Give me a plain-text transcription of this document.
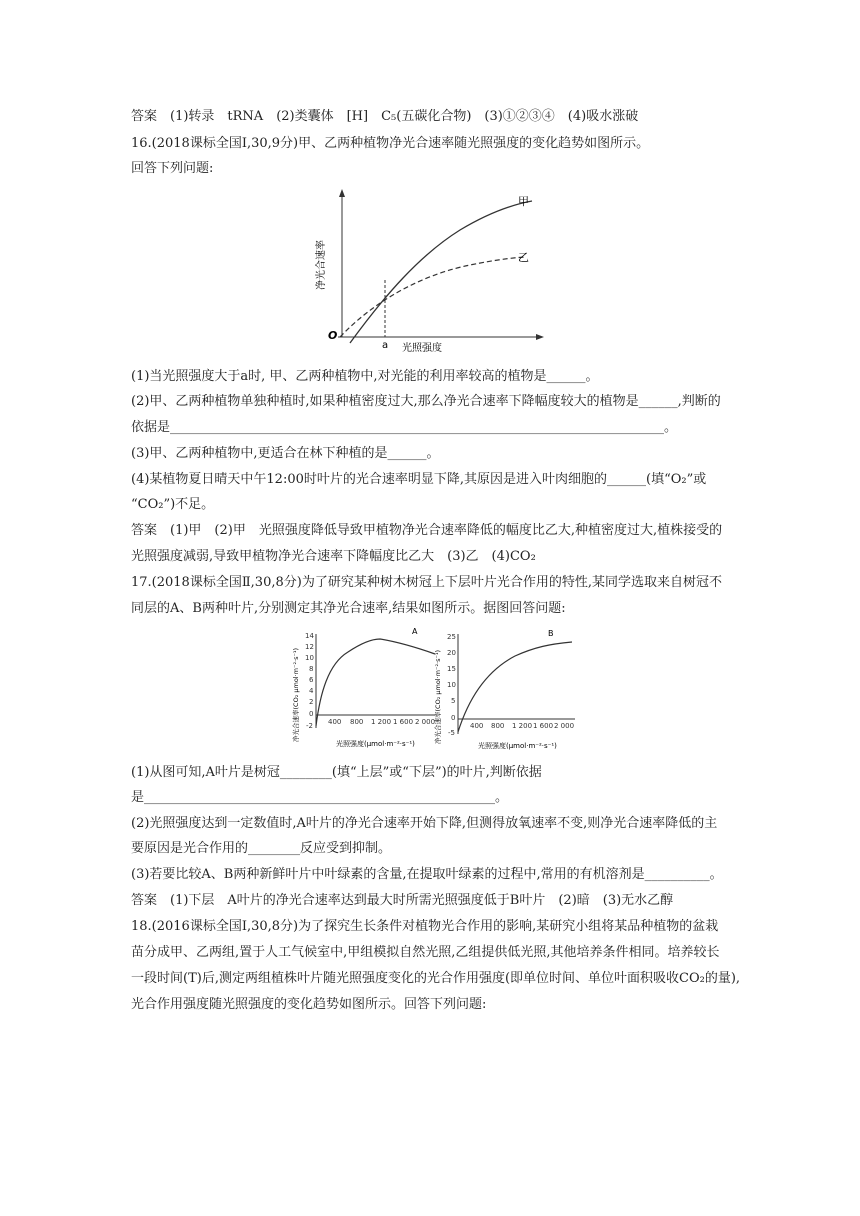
答案　(1)转录　tRNA　(2)类囊体　[H]　C₅(五碳化合物)　(3)①②③④　(4)吸水涨破
16.(2018课标全国Ⅰ,30,9分)甲、乙两种植物净光合速率随光照强度的变化趋势如图所示。
回答下列问题:
(1)当光照强度大于a时, 甲、乙两种植物中,对光能的利用率较高的植物是______。
(2)甲、乙两种植物单独种植时,如果种植密度过大,那么净光合速率下降幅度较大的植物是______,判断的
依据是____________________________________________________________________________。
(3)甲、乙两种植物中,更适合在林下种植的是______。
(4)某植物夏日晴天中午12:00时叶片的光合速率明显下降,其原因是进入叶肉细胞的______(填“O₂”或
“CO₂”)不足。
答案　(1)甲　(2)甲　光照强度降低导致甲植物净光合速率降低的幅度比乙大,种植密度过大,植株接受的
光照强度减弱,导致甲植物净光合速率下降幅度比乙大　(3)乙　(4)CO₂
17.(2018课标全国Ⅱ,30,8分)为了研究某种树木树冠上下层叶片光合作用的特性,某同学选取来自树冠不
同层的A、B两种叶片,分别测定其净光合速率,结果如图所示。据图回答问题:
(1)从图可知,A叶片是树冠________(填“上层”或“下层”)的叶片,判断依据
是______________________________________________________。
(2)光照强度达到一定数值时,A叶片的净光合速率开始下降,但测得放氧速率不变,则净光合速率降低的主
要原因是光合作用的________反应受到抑制。
(3)若要比较A、B两种新鲜叶片中叶绿素的含量,在提取叶绿素的过程中,常用的有机溶剂是__________。
答案　(1)下层　A叶片的净光合速率达到最大时所需光照强度低于B叶片　(2)暗　(3)无水乙醇
18.(2016课标全国Ⅰ,30,8分)为了探究生长条件对植物光合作用的影响,某研究小组将某品种植物的盆栽
苗分成甲、乙两组,置于人工气候室中,甲组模拟自然光照,乙组提供低光照,其他培养条件相同。培养较长
一段时间(T)后,测定两组植株叶片随光照强度变化的光合作用强度(即单位时间、单位叶面积吸收CO₂的量),
光合作用强度随光照强度的变化趋势如图所示。回答下列问题:
甲
乙
O
a 光照强度
净光合速率
14
12
10
8
6
4
2
0
-2 400 800 1 200 1 600 2 000
A
净光合速率(CO₂ μmol·m⁻²·s⁻¹)
光照强度(μmol·m⁻²·s⁻¹)
25
20
15
10
5
0
-5
400 800 1 200 1 600 2 000
B
净光合速率(CO₂ μmol·m⁻²·s⁻¹)
光照强度(μmol·m⁻²·s⁻¹)
